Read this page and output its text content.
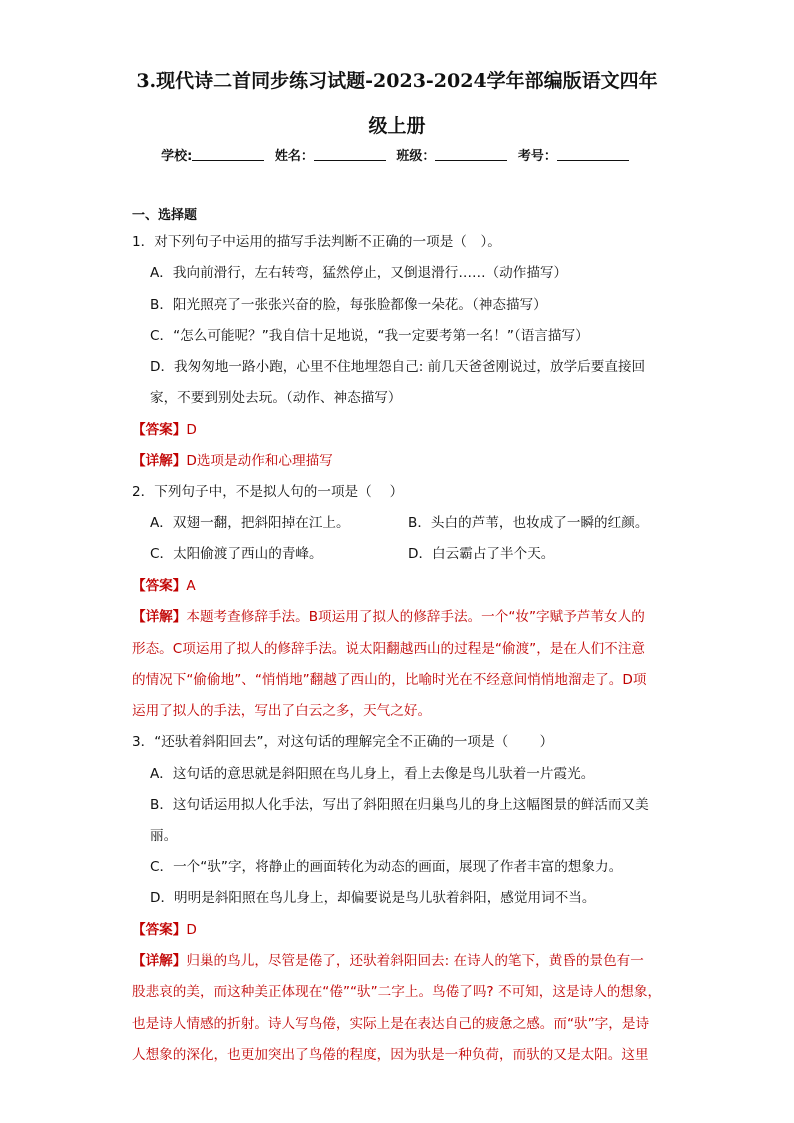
3.现代诗二首同步练习试题-2023-2024学年部编版语文四年
级上册
学校:	姓名：	班级：	考号：
一、选择题
1．对下列句子中运用的描写手法判断不正确的一项是（　）。
A．我向前滑行，左右转弯，猛然停止，又倒退滑行……（动作描写）
B．阳光照亮了一张张兴奋的脸，每张脸都像一朵花。（神态描写）
C．“怎么可能呢？”我自信十足地说，“我一定要考第一名！”（语言描写）
D．我匆匆地一路小跑，心里不住地埋怨自己: 前几天爸爸刚说过，放学后要直接回
家，不要到别处去玩。（动作、神态描写）
【答案】D
【详解】D选项是动作和心理描写
2．下列句子中，不是拟人句的一项是（　 ）
A．双翅一翻，把斜阳掉在江上。	B．头白的芦苇，也妆成了一瞬的红颜。
C．太阳偷渡了西山的青峰。	D．白云霸占了半个天。
【答案】A
【详解】本题考查修辞手法。B项运用了拟人的修辞手法。一个“妆”字赋予芦苇女人的
形态。C项运用了拟人的修辞手法。说太阳翻越西山的过程是“偷渡”，是在人们不注意
的情况下“偷偷地”、“悄悄地”翻越了西山的，比喻时光在不经意间悄悄地溜走了。D项
运用了拟人的手法，写出了白云之多，天气之好。
3．“还驮着斜阳回去”，对这句话的理解完全不正确的一项是（　　 ）
A．这句话的意思就是斜阳照在鸟儿身上，看上去像是鸟儿驮着一片霞光。
B．这句话运用拟人化手法，写出了斜阳照在归巢鸟儿的身上这幅图景的鲜活而又美
丽。
C．一个“驮”字，将静止的画面转化为动态的画面，展现了作者丰富的想象力。
D．明明是斜阳照在鸟儿身上，却偏要说是鸟儿驮着斜阳，感觉用词不当。
【答案】D
【详解】归巢的鸟儿，尽管是倦了，还驮着斜阳回去: 在诗人的笔下，黄昏的景色有一
股悲哀的美，而这种美正体现在“倦”“驮”二字上。鸟倦了吗? 不可知，这是诗人的想象，
也是诗人情感的折射。诗人写鸟倦，实际上是在表达自己的疲惫之感。而“驮”字，是诗
人想象的深化，也更加突出了鸟倦的程度，因为驮是一种负荷，而驮的又是太阳。这里
